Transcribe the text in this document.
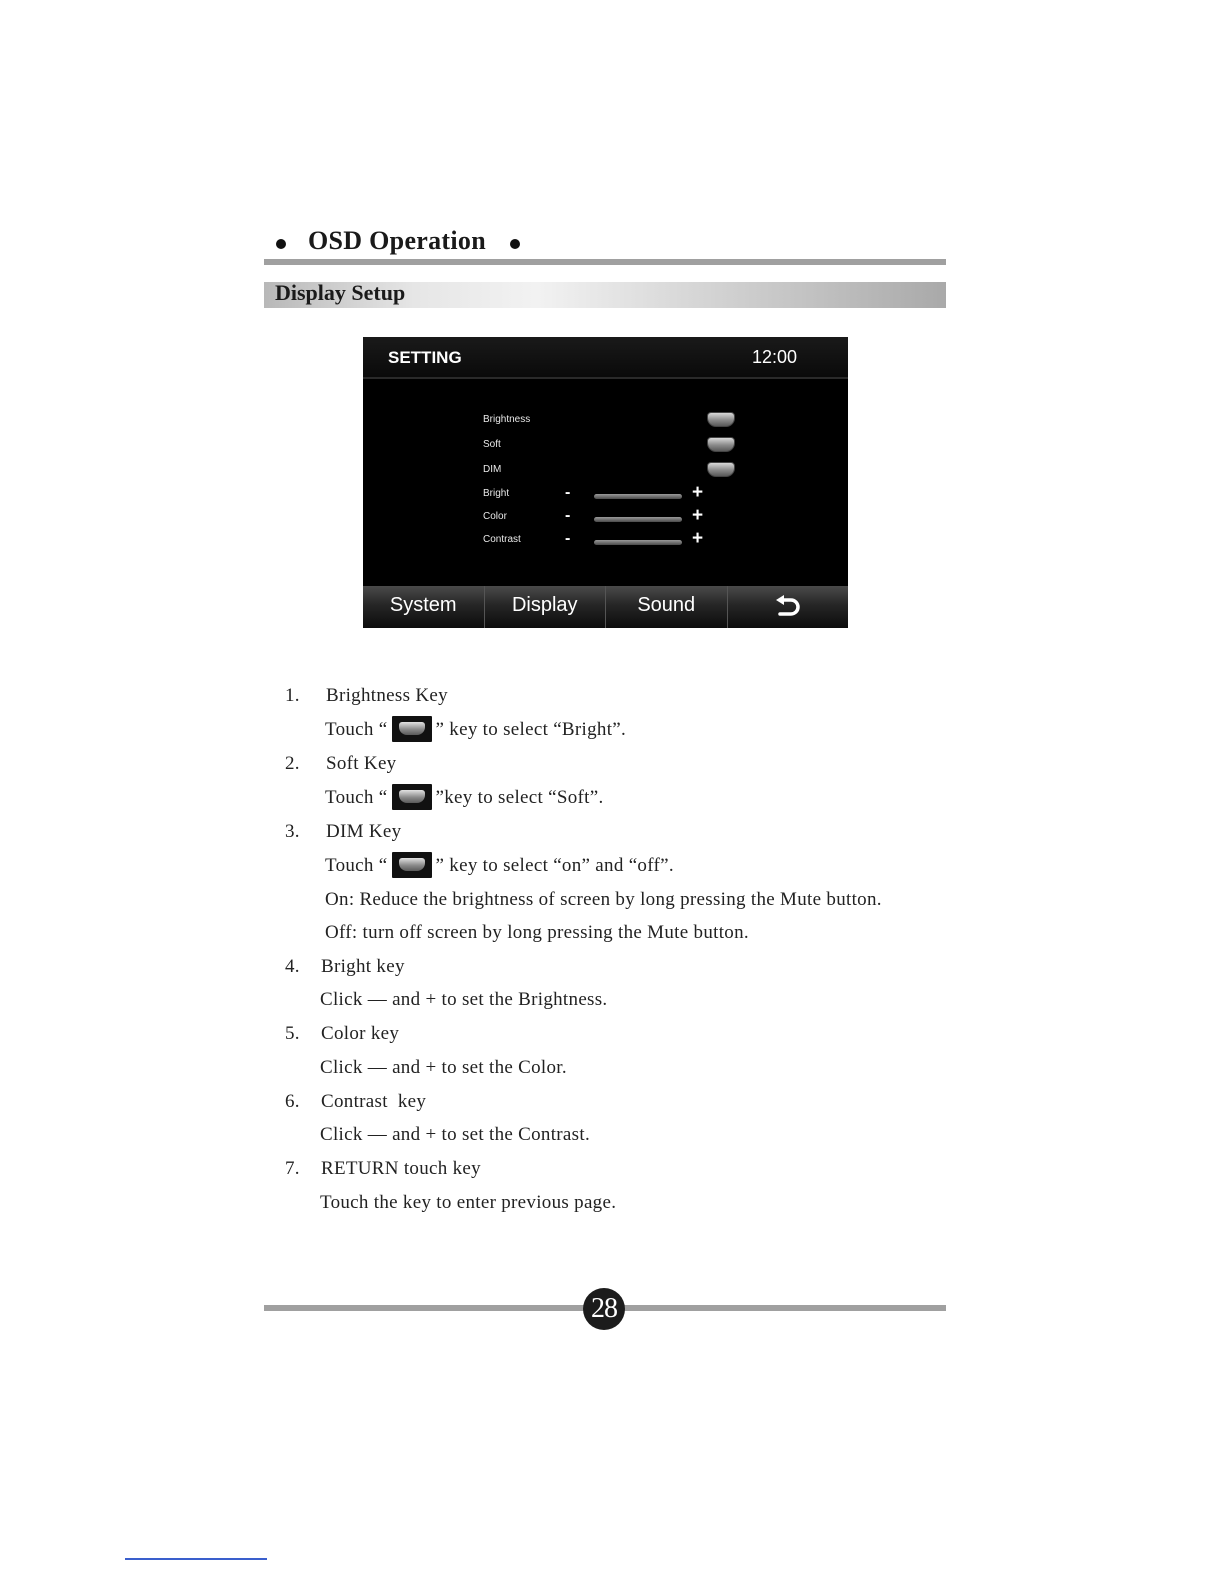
OSD Operation
Display Setup
SETTING	12:00
Brightness
Soft
DIM
Bright	-	+
Color	-	+
Contrast	-	+
System	Display	Sound
1. Brightness Key
Touch “	” key to select “Bright”.
2. Soft Key
Touch “	”key to select “Soft”.
3. DIM Key
Touch “	” key to select “on” and “off”.
On: Reduce the brightness of screen by long pressing the Mute button.
Off: turn off screen by long pressing the Mute button.
4. Bright key
Click — and + to set the Brightness.
5. Color key
Click — and + to set the Color.
6. Contrast  key
Click — and + to set the Contrast.
7. RETURN touch key
Touch the key to enter previous page.
28
